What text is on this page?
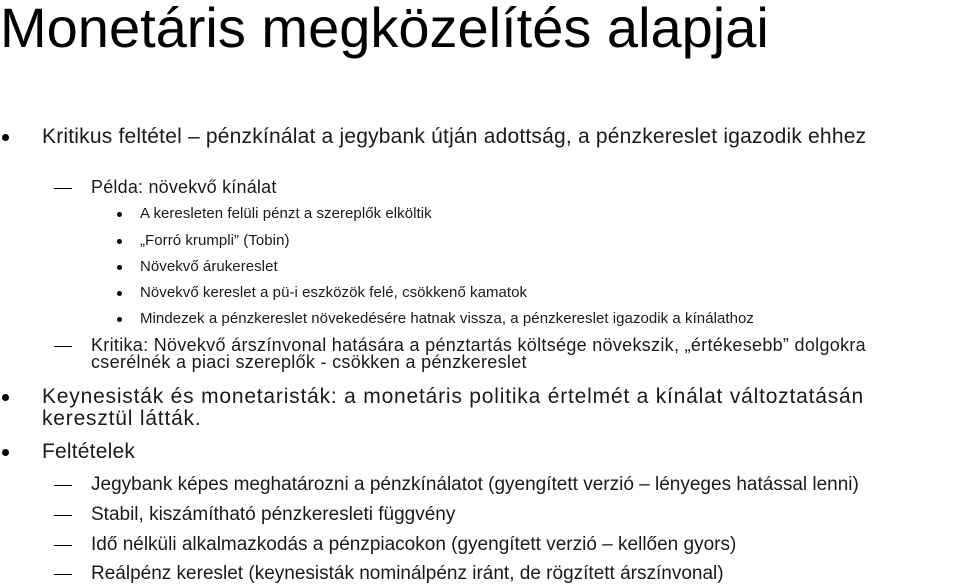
Monetáris megközelítés alapjai

Kritikus feltétel – pénzkínálat a jegybank útján adottság, a pénzkereslet igazodik ehhez

Példa: növekvő kínálat

A keresleten felüli pénzt a szereplők elköltik

„Forró krumpli” (Tobin)

Növekvő árukereslet

Növekvő kereslet a pü-i eszközök felé, csökkenő kamatok

Mindezek a pénzkereslet növekedésére hatnak vissza, a pénzkereslet igazodik a kínálathoz

Kritika: Növekvő árszínvonal hatására a pénztartás költsége növekszik, „értékesebb” dolgokra cserélnék a piaci szereplők - csökken a pénzkereslet

Keynesisták és monetaristák: a monetáris politika értelmét a kínálat változtatásán keresztül látták.

Feltételek

Jegybank képes meghatározni a pénzkínálatot (gyengített verzió – lényeges hatással lenni)

Stabil, kiszámítható pénzkeresleti függvény

Idő nélküli alkalmazkodás a pénzpiacokon (gyengített verzió – kellően gyors)

Reálpénz kereslet (keynesisták nominálpénz iránt, de rögzített árszínvonal)
